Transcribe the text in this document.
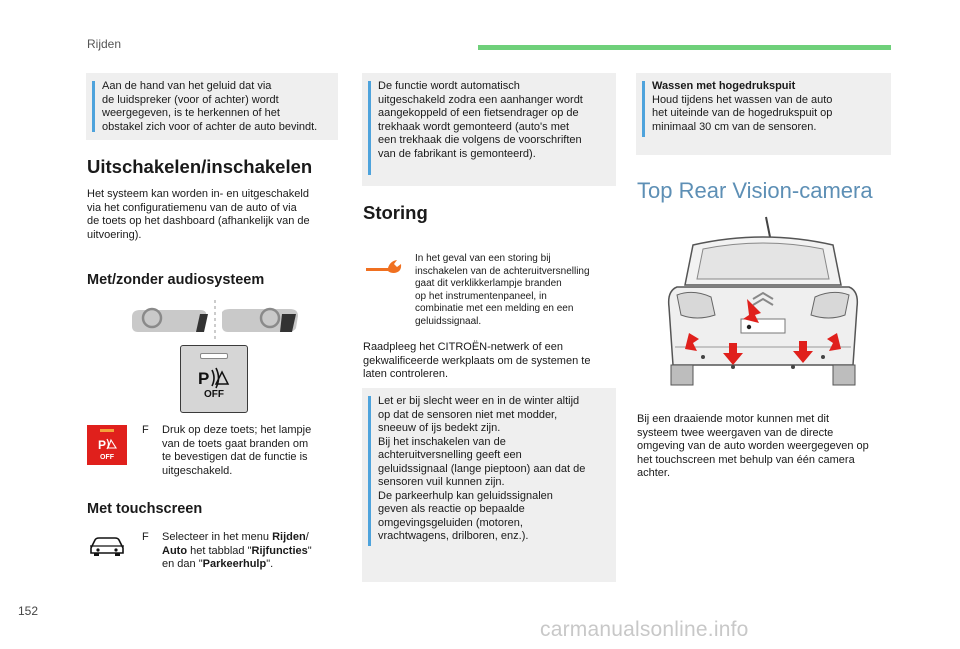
Rijden
Aan de hand van het geluid dat via
de luidspreker (voor of achter) wordt
weergegeven, is te herkennen of het
obstakel zich voor of achter de auto bevindt.
Uitschakelen/inschakelen
Het systeem kan worden in- en uitgeschakeld
via het configuratiemenu van de auto of via
de toets op het dashboard (afhankelijk van de
uitvoering).
Met/zonder audiosysteem
P
OFF
P
OFF
F Druk op deze toets; het lampje
van de toets gaat branden om
te bevestigen dat de functie is
uitgeschakeld.
Met touchscreen
F Selecteer in het menu Rijden/
Auto het tabblad "Rijfuncties"
en dan "Parkeerhulp".
De functie wordt automatisch
uitgeschakeld zodra een aanhanger wordt
aangekoppeld of een fietsendrager op de
trekhaak wordt gemonteerd (auto's met
een trekhaak die volgens de voorschriften
van de fabrikant is gemonteerd).
Storing
In het geval van een storing bij
inschakelen van de achteruitversnelling
gaat dit verklikkerlampje branden
op het instrumentenpaneel, in
combinatie met een melding en een
geluidssignaal.
Raadpleeg het CITROËN-netwerk of een
gekwalificeerde werkplaats om de systemen te
laten controleren.
Let er bij slecht weer en in de winter altijd
op dat de sensoren niet met modder,
sneeuw of ijs bedekt zijn.
Bij het inschakelen van de
achteruitversnelling geeft een
geluidssignaal (lange pieptoon) aan dat de
sensoren vuil kunnen zijn.
De parkeerhulp kan geluidssignalen
geven als reactie op bepaalde
omgevingsgeluiden (motoren,
vrachtwagens, drilboren, enz.).
Wassen met hogedrukspuit
Houd tijdens het wassen van de auto
het uiteinde van de hogedrukspuit op
minimaal 30 cm van de sensoren.
Top Rear Vision-camera
Bij een draaiende motor kunnen met dit
systeem twee weergaven van de directe
omgeving van de auto worden weergegeven op
het touchscreen met behulp van één camera
achter.
152
carmanualsonline.info
